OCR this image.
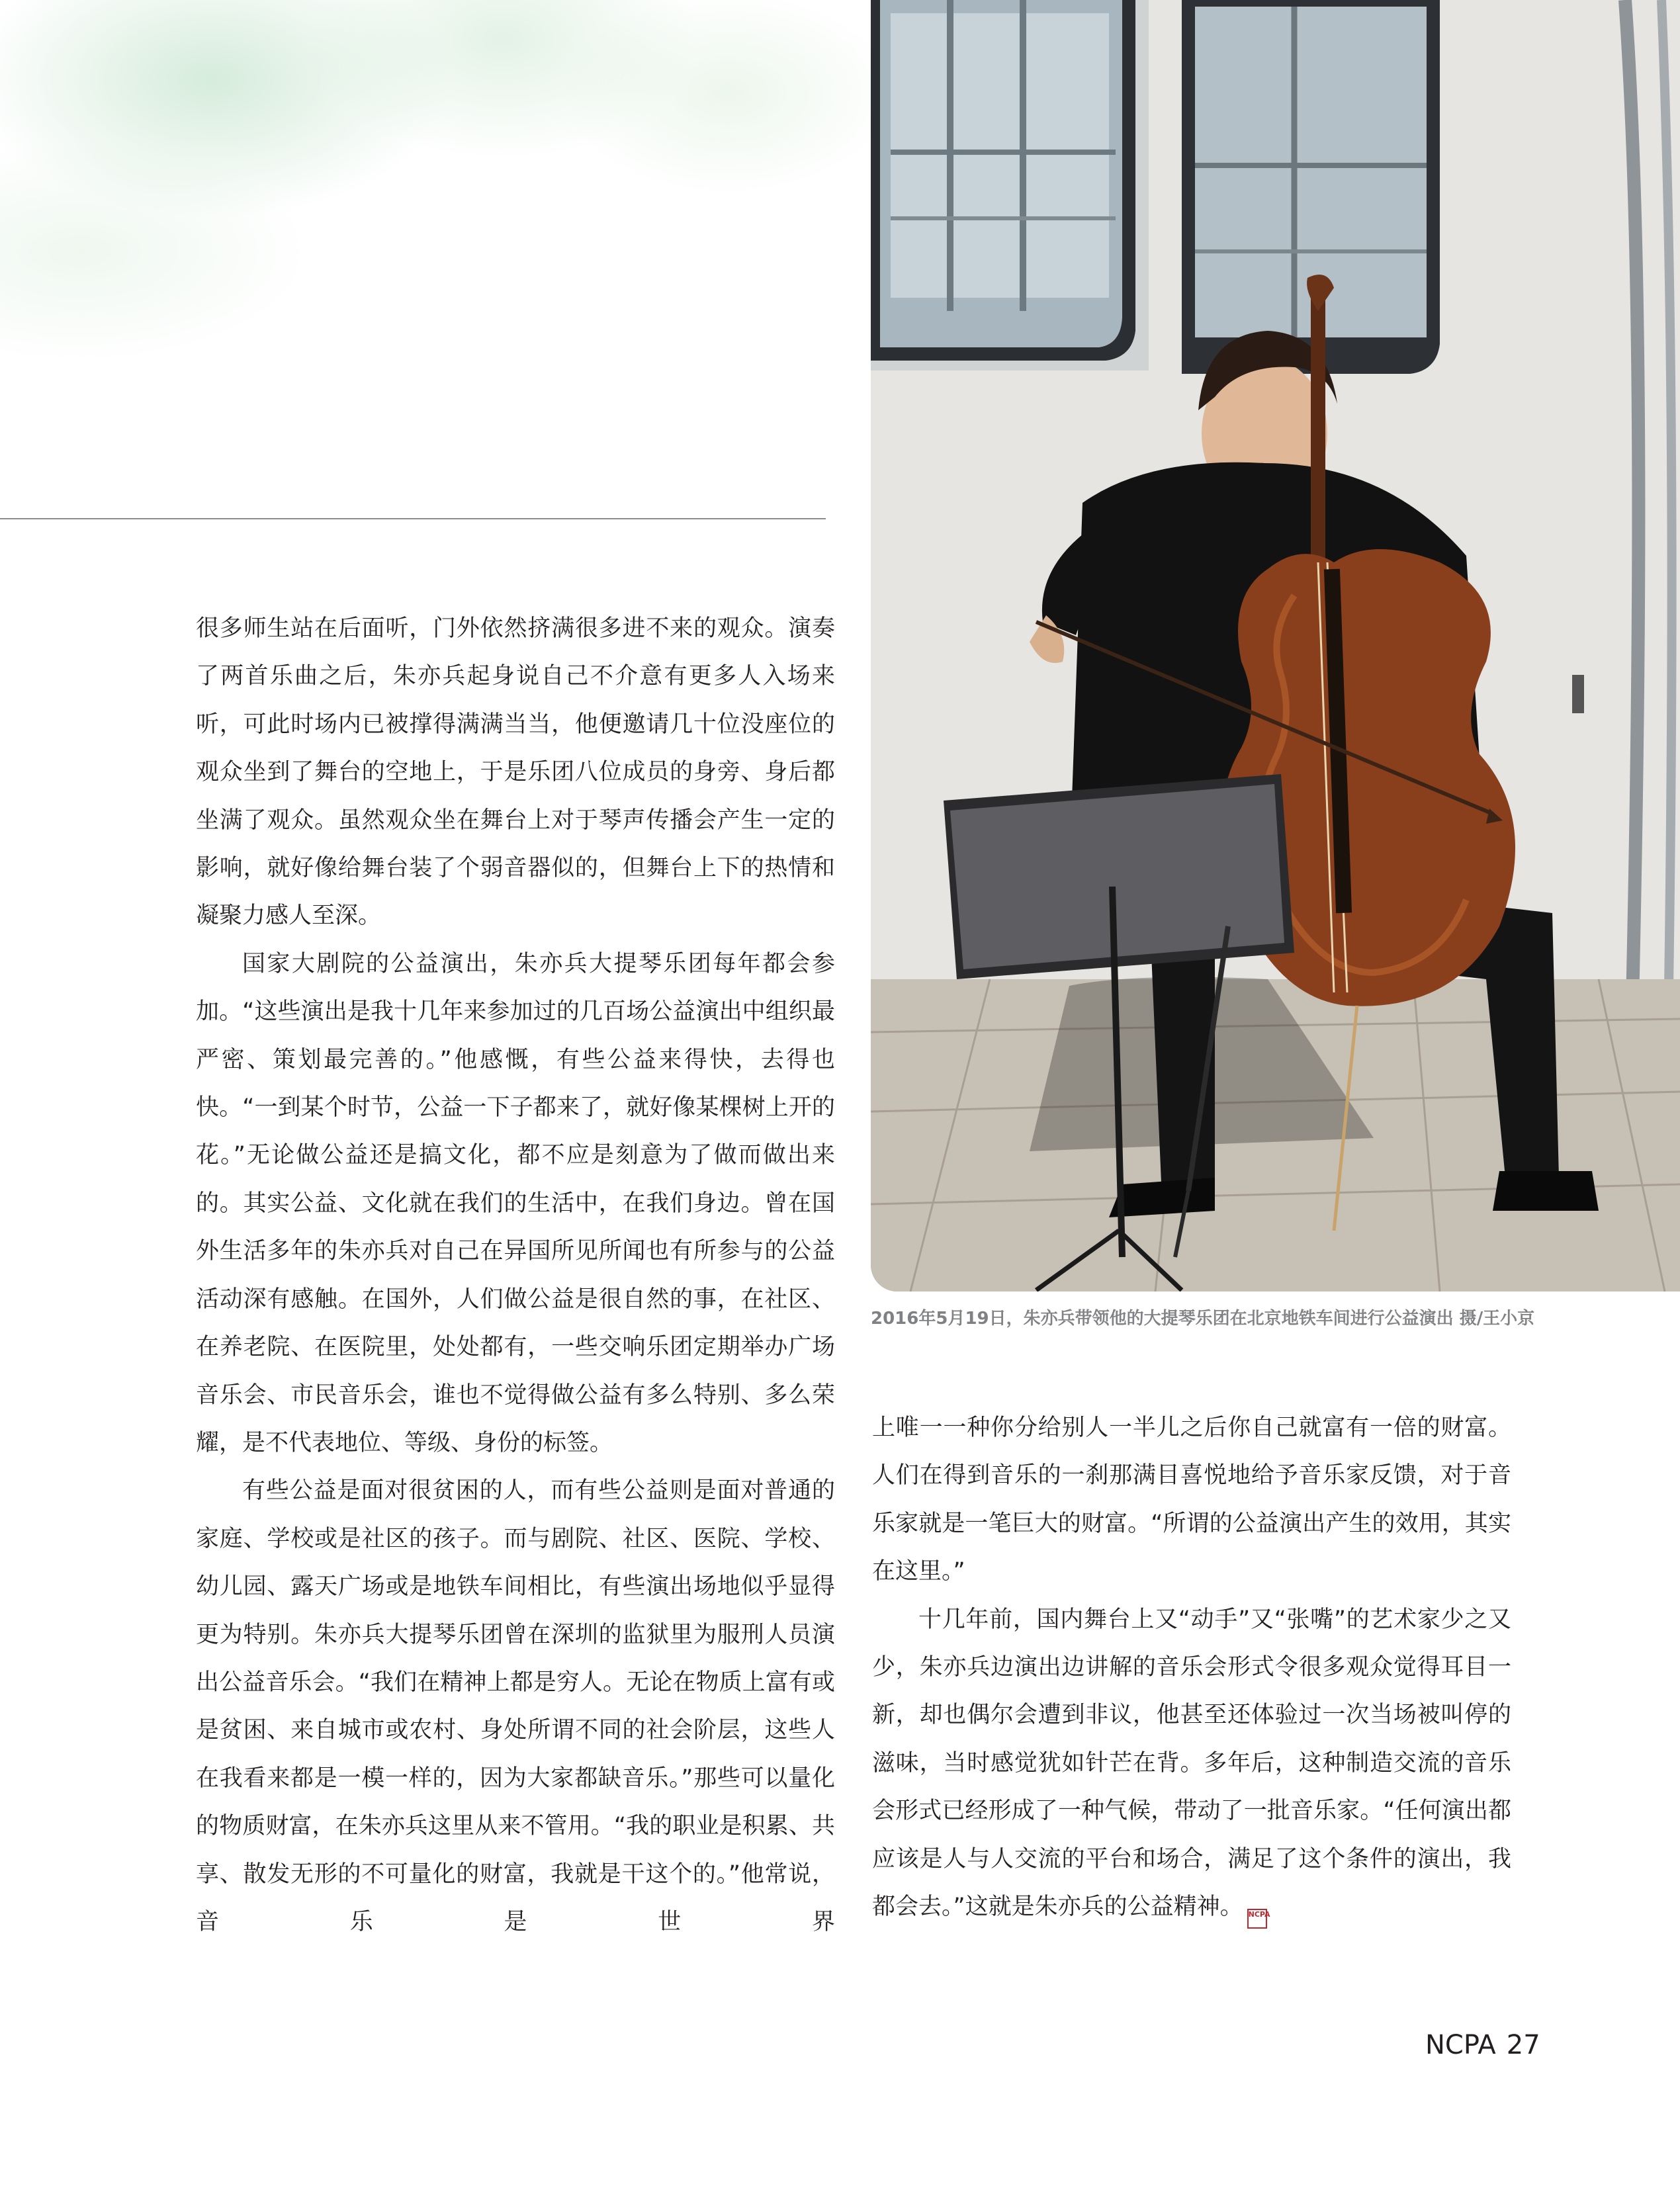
2016年5月19日，朱亦兵带领他的大提琴乐团在北京地铁车间进行公益演出 摄/王小京

很多师生站在后面听，门外依然挤满很多进不来的观众。演奏了两首乐曲之后，朱亦兵起身说自己不介意有更多人入场来听，可此时场内已被撑得满满当当，他便邀请几十位没座位的观众坐到了舞台的空地上，于是乐团八位成员的身旁、身后都坐满了观众。虽然观众坐在舞台上对于琴声传播会产生一定的影响，就好像给舞台装了个弱音器似的，但舞台上下的热情和凝聚力感人至深。

国家大剧院的公益演出，朱亦兵大提琴乐团每年都会参加。“这些演出是我十几年来参加过的几百场公益演出中组织最严密、策划最完善的。”他感慨，有些公益来得快，去得也快。“一到某个时节，公益一下子都来了，就好像某棵树上开的花。”无论做公益还是搞文化，都不应是刻意为了做而做出来的。其实公益、文化就在我们的生活中，在我们身边。曾在国外生活多年的朱亦兵对自己在异国所见所闻也有所参与的公益活动深有感触。在国外，人们做公益是很自然的事，在社区、在养老院、在医院里，处处都有，一些交响乐团定期举办广场音乐会、市民音乐会，谁也不觉得做公益有多么特别、多么荣耀，是不代表地位、等级、身份的标签。

有些公益是面对很贫困的人，而有些公益则是面对普通的家庭、学校或是社区的孩子。而与剧院、社区、医院、学校、幼儿园、露天广场或是地铁车间相比，有些演出场地似乎显得更为特别。朱亦兵大提琴乐团曾在深圳的监狱里为服刑人员演出公益音乐会。“我们在精神上都是穷人。无论在物质上富有或是贫困、来自城市或农村、身处所谓不同的社会阶层，这些人在我看来都是一模一样的，因为大家都缺音乐。”那些可以量化的物质财富，在朱亦兵这里从来不管用。“我的职业是积累、共享、散发无形的不可量化的财富，我就是干这个的。”他常说，音乐是世界

上唯一一种你分给别人一半儿之后你自己就富有一倍的财富。人们在得到音乐的一刹那满目喜悦地给予音乐家反馈，对于音乐家就是一笔巨大的财富。“所谓的公益演出产生的效用，其实在这里。”

十几年前，国内舞台上又“动手”又“张嘴”的艺术家少之又少，朱亦兵边演出边讲解的音乐会形式令很多观众觉得耳目一新，却也偶尔会遭到非议，他甚至还体验过一次当场被叫停的滋味，当时感觉犹如针芒在背。多年后，这种制造交流的音乐会形式已经形成了一种气候，带动了一批音乐家。“任何演出都应该是人与人交流的平台和场合，满足了这个条件的演出，我都会去。”这就是朱亦兵的公益精神。 NCPA

NCPA 27
